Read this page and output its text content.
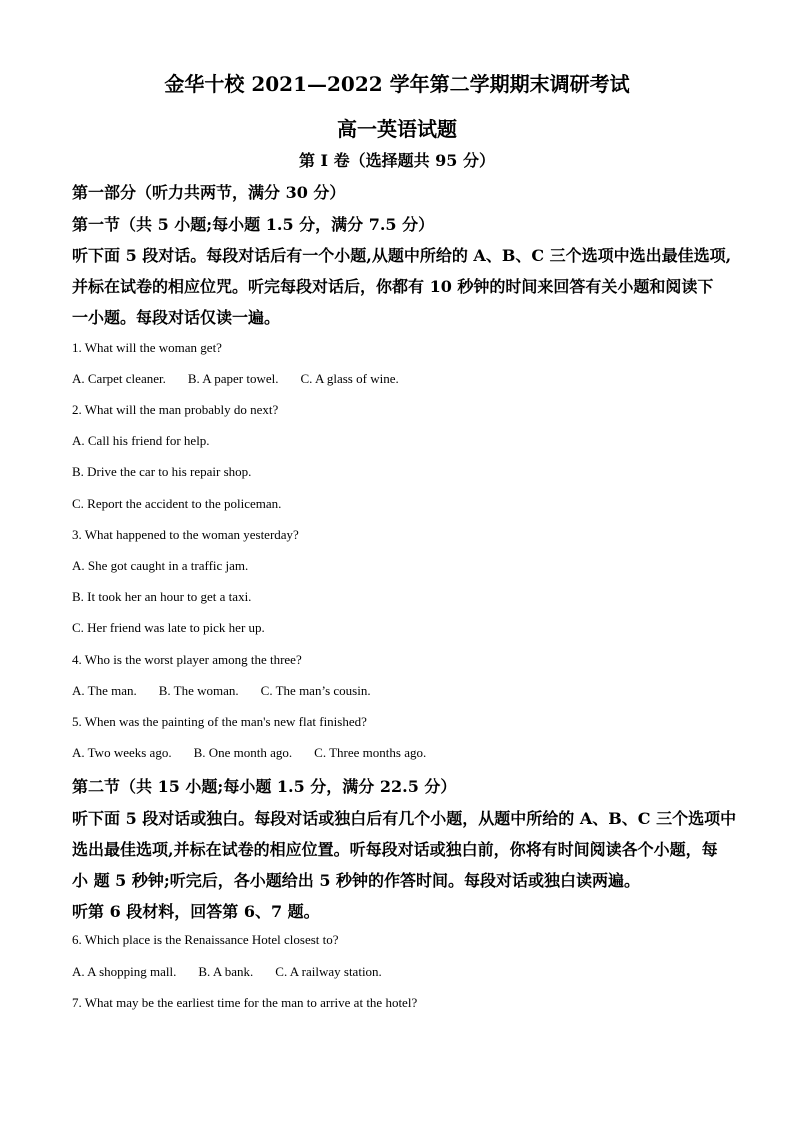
金华十校 2021—2022 学年第二学期期末调研考试
高一英语试题
第 I 卷（选择题共 95 分）
第一部分（听力共两节，满分 30 分）
第一节（共 5 小题;每小题 1.5 分，满分 7.5 分）
听下面 5 段对话。每段对话后有一个小题,从题中所给的 A、B、C 三个选项中选出最佳选项,
并标在试卷的相应位咒。听完每段对话后，你都有 10 秒钟的时间来回答有关小题和阅读下
一小题。每段对话仅读一遍。
1. What will the woman get?
A. Carpet cleaner. B. A paper towel. C. A glass of wine.
2. What will the man probably do next?
A. Call his friend for help.
B. Drive the car to his repair shop.
C. Report the accident to the policeman.
3. What happened to the woman yesterday?
A. She got caught in a traffic jam.
B. It took her an hour to get a taxi.
C. Her friend was late to pick her up.
4. Who is the worst player among the three?
A. The man. B. The woman. C. The man’s cousin.
5. When was the painting of the man's new flat finished?
A. Two weeks ago. B. One month ago. C. Three months ago.
第二节（共 15 小题;每小题 1.5 分，满分 22.5 分）
听下面 5 段对话或独白。每段对话或独白后有几个小题，从题中所给的 A、B、C 三个选项中
选出最佳选项,并标在试卷的相应位置。听每段对话或独白前，你将有时间阅读各个小题，每
小 题 5 秒钟;听完后，各小题给出 5 秒钟的作答时间。每段对话或独白读两遍。
听第 6 段材料，回答第 6、7 题。
6. Which place is the Renaissance Hotel closest to?
A. A shopping mall. B. A bank. C. A railway station.
7. What may be the earliest time for the man to arrive at the hotel?
